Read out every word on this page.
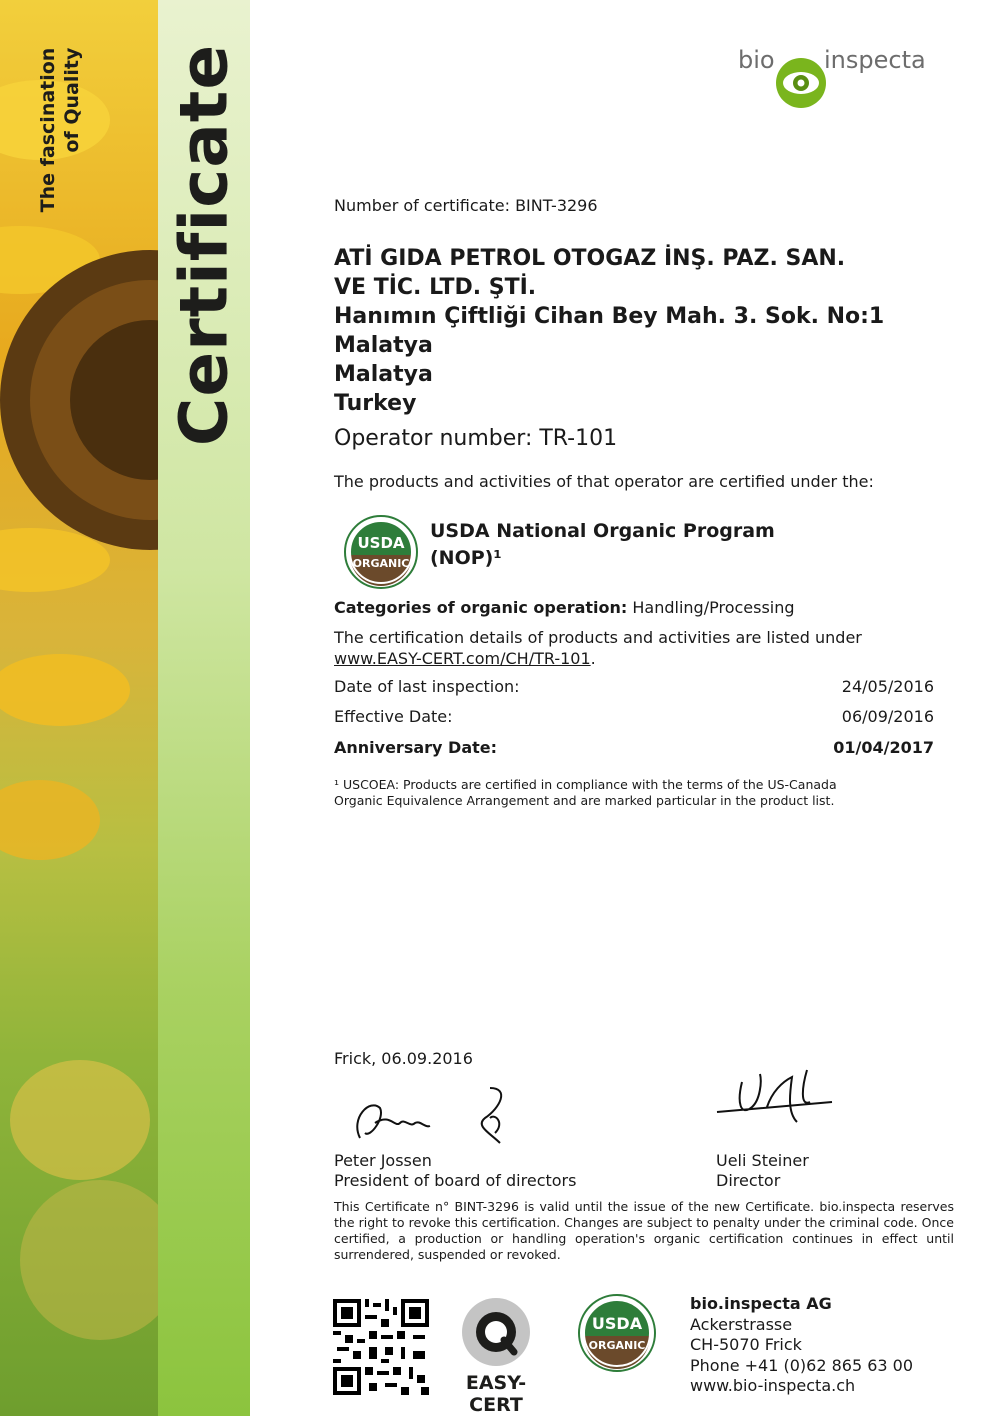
The fascination of Quality Certificate	bio inspecta
Number of certificate: BINT-3296
ATİ GIDA PETROL OTOGAZ İNŞ. PAZ. SAN.
VE TİC. LTD. ŞTİ.
Hanımın Çiftliği Cihan Bey Mah. 3. Sok. No:1
Malatya
Malatya
Turkey
Operator number: TR-101
The products and activities of that operator are certified under the:
USDA
ORGANIC
USDA National Organic Program
(NOP)¹
Categories of organic operation: Handling/Processing
The certification details of products and activities are listed under
www.EASY-CERT.com/CH/TR-101.
Date of last inspection:	24/05/2016
Effective Date:	06/09/2016
Anniversary Date:	01/04/2017
¹ USCOEA: Products are certified in compliance with the terms of the US-Canada
Organic Equivalence Arrangement and are marked particular in the product list.
Frick, 06.09.2016
Peter Jossen
President of board of directors
Ueli Steiner
Director
This Certificate n° BINT-3296 is valid until the issue of the new Certificate. bio.inspecta reserves the right to revoke this certification. Changes are subject to penalty under the criminal code. Once certified, a production or handling operation's organic certification continues in effect until surrendered, suspended or revoked.
EASY-CERT
USDA
ORGANIC
bio.inspecta AG
Ackerstrasse
CH-5070 Frick
Phone +41 (0)62 865 63 00
www.bio-inspecta.ch
